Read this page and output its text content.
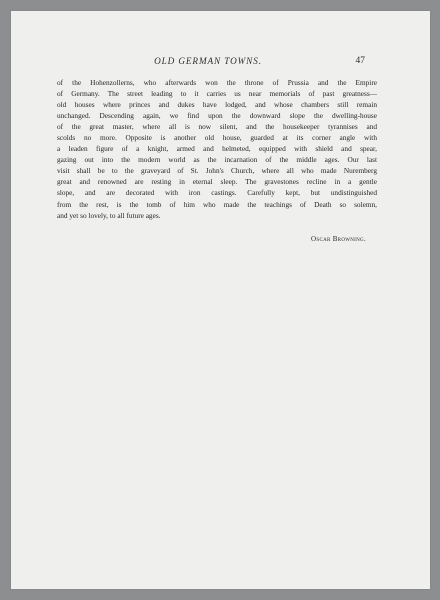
OLD GERMAN TOWNS.	47
of the Hohenzollerns, who afterwards won the throne of Prussia and the Empire
of Germany. The street leading to it carries us near memorials of past greatness—
old houses where princes and dukes have lodged, and whose chambers still remain
unchanged. Descending again, we find upon the downward slope the dwelling-house
of the great master, where all is now silent, and the housekeeper tyrannises and
scolds no more. Opposite is another old house, guarded at its corner angle with
a leaden figure of a knight, armed and helmeted, equipped with shield and spear,
gazing out into the modern world as the incarnation of the middle ages. Our last
visit shall be to the graveyard of St. John's Church, where all who made Nuremberg
great and renowned are resting in eternal sleep. The gravestones recline in a gentle
slope, and are decorated with iron castings. Carefully kept, but undistinguished
from the rest, is the tomb of him who made the teachings of Death so solemn,
and yet so lovely, to all future ages.
Oscar Browning.
